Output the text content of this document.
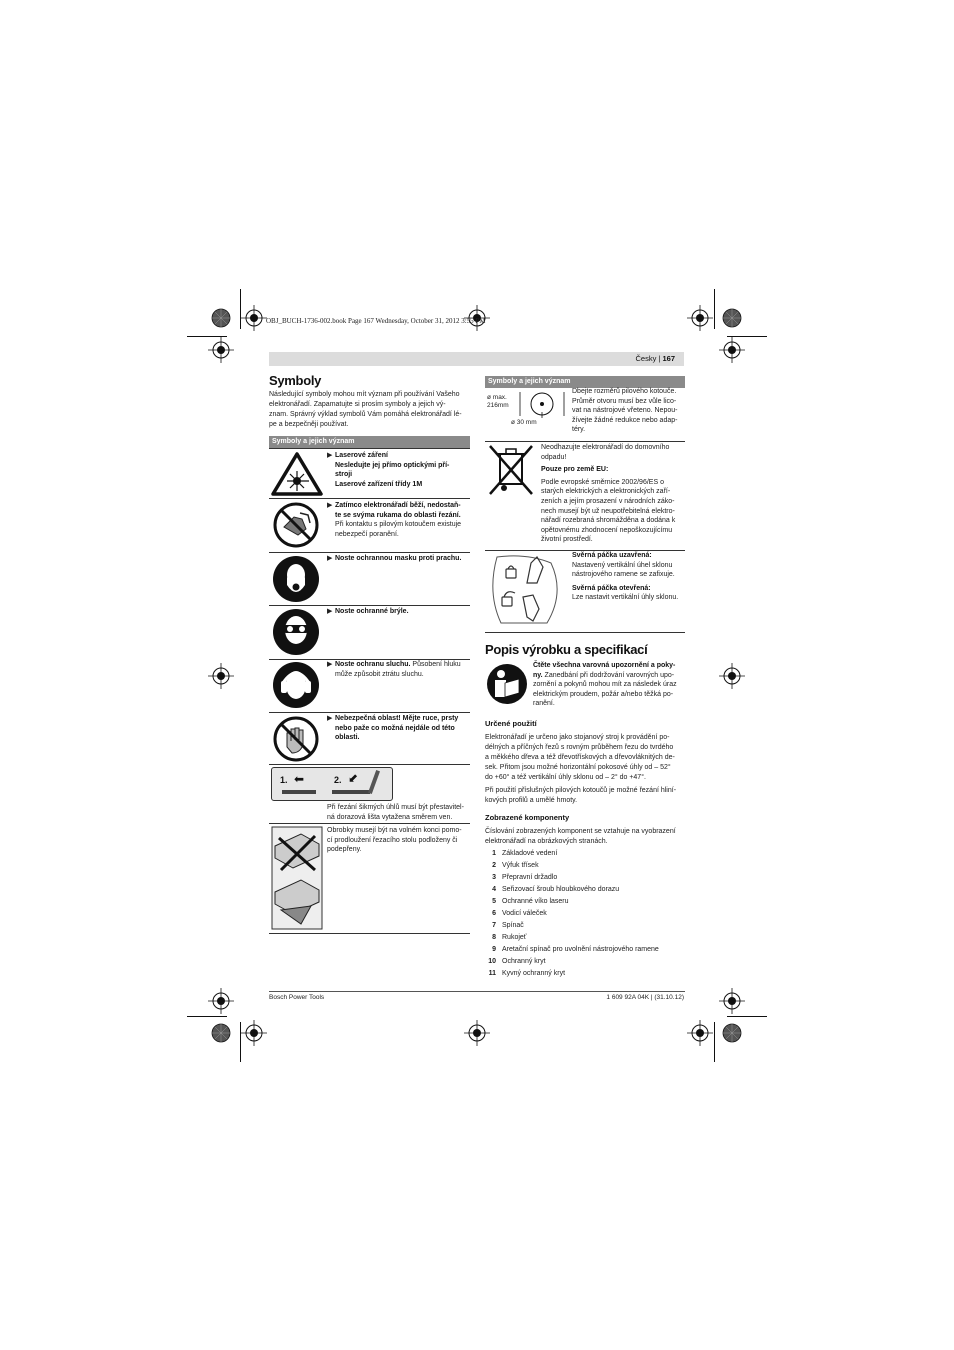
OBJ_BUCH-1736-002.book Page 167 Wednesday, October 31, 2012 3:55 PM
Česky | 167
Symboly
Následující symboly mohou mít význam při používání Vašeho
elektronářadí. Zapamatujte si prosím symboly a jejich vý-
znam. Správný výklad symbolů Vám pomáhá elektronářadí lé-
pe a bezpečněji používat.
Symboly a jejich význam
▶ Laserové záření
Neslеdujte jej přímo optickými pří-
stroji
Laserové zařízení třídy 1M
▶ Zatímco elektronářadí běží, nedostaň-
te se svýma rukama do oblasti řezání.
Při kontaktu s pilovým kotoučem existuje
nebezpečí poranění.
▶ Noste ochrannou masku proti prachu.
▶ Noste ochranné brýle.
▶ Noste ochranu sluchu. Působení hluku
může způsobit ztrátu sluchu.
▶ Nebezpečná oblast! Mějte ruce, prsty
nebo paže co možná nejdále od této
oblasti.
1. ⬅	2. ⬋
Při řezání šikmých úhlů musí být přestavitel-
ná dorazová lišta vytažena směrem ven.
Obrobky musejí být na volném konci pomo-
cí prodloužení řezacího stolu podloženy či
podepřeny.
Symboly a jejich význam
ø max.
216mm
ø 30 mm
Dbejte rozměrů pilového kotouče.
Průměr otvoru musí bez vůle lico-
vat na nástrojové vřeteno. Nepou-
žívejte žádné redukce nebo adap-
téry.
Neodhazujte elektronářadí do domovního
odpadu!
Pouze pro země EU:
Podle evropské směrnice 2002/96/ES o
starých elektrických a elektronických zaří-
zeních a jejím prosazení v národních záko-
nech musejí být už neupotřebitelná elektro-
nářadí rozebraná shromážděna a dodána k
opětovnému zhodnocení nepoškozujícímu
životní prostředí.
Svěrná páčka uzavřená:
Nastavený vertikální úhel sklonu
nástrojového ramene se zafixuje.
Svěrná páčka otevřená:
Lze nastavit vertikální úhly sklonu.
Popis výrobku a specifikací
Čtěte všechna varovná upozornění a poky-
ny. Zanedbání při dodržování varovných upo-
zornění a pokynů mohou mít za následek úraz
elektrickým proudem, požár a/nebo těžká po-
ranění.
Určené použití
Elektronářadí je určeno jako stojanový stroj k provádění po-
délných a příčných řezů s rovným průběhem řezu do tvrdého
a měkkého dřeva a též dřevotřískových a dřevovláknitých de-
sek. Přitom jsou možné horizontální pokosové úhly od – 52°
do +60° a též vertikální úhly sklonu od – 2° do +47°.
Při použití příslušných pilových kotoučů je možné řezání hliní-
kových profilů a umělé hmoty.
Zobrazené komponenty
Číslování zobrazených komponent se vztahuje na vyobrazení
elektronářadí na obrázkových stranách.
1 Základové vedení
2 Výfuk třísek
3 Přepravní držadlo
4 Seřizovací šroub hloubkového dorazu
5 Ochranné víko laseru
6 Vodicí váleček
7 Spínač
8 Rukojeť
9 Aretační spínač pro uvolnění nástrojového ramene
10 Ochranný kryt
11 Kyvný ochranný kryt
Bosch Power Tools	1 609 92A 04K | (31.10.12)
